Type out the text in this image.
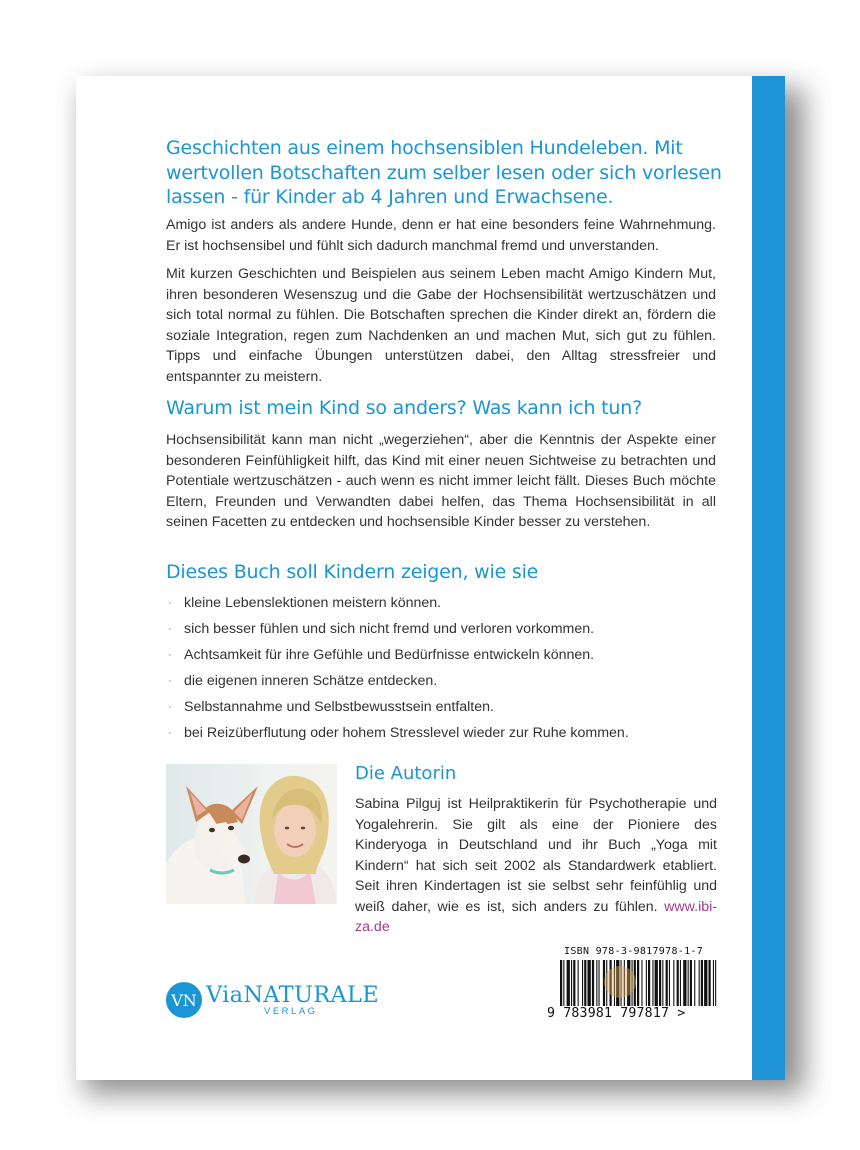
Geschichten aus einem hochsensiblen Hundeleben. Mit wertvollen Botschaften zum selber lesen oder sich vorlesen lassen - für Kinder ab 4 Jahren und Erwachsene.

Amigo ist anders als andere Hunde, denn er hat eine besonders feine Wahrnehmung. Er ist hochsensibel und fühlt sich dadurch manchmal fremd und unverstanden.

Mit kurzen Geschichten und Beispielen aus seinem Leben macht Amigo Kindern Mut, ihren besonderen Wesenszug und die Gabe der Hochsensibilität wertzuschätzen und sich total normal zu fühlen. Die Botschaften sprechen die Kinder direkt an, fördern die soziale Integration, regen zum Nachdenken an und machen Mut, sich gut zu fühlen. Tipps und einfache Übungen unterstützen dabei, den Alltag stressfreier und entspannter zu meistern.

Warum ist mein Kind so anders? Was kann ich tun?

Hochsensibilität kann man nicht „wegerziehen“, aber die Kenntnis der Aspekte einer besonderen Feinfühligkeit hilft, das Kind mit einer neuen Sichtweise zu betrachten und Potentiale wertzuschätzen - auch wenn es nicht immer leicht fällt. Dieses Buch möchte Eltern, Freunden und Verwandten dabei helfen, das Thema Hochsensibilität in all seinen Facetten zu entdecken und hochsensible Kinder besser zu verstehen.

Dieses Buch soll Kindern zeigen, wie sie
· kleine Lebenslektionen meistern können.
· sich besser fühlen und sich nicht fremd und verloren vorkommen.
· Achtsamkeit für ihre Gefühle und Bedürfnisse entwickeln können.
· die eigenen inneren Schätze entdecken.
· Selbstannahme und Selbstbewusstsein entfalten.
· bei Reizüberflutung oder hohem Stresslevel wieder zur Ruhe kommen.
Die Autorin

Sabina Pilguj ist Heilpraktikerin für Psychotherapie und Yogalehrerin. Sie gilt als eine der Pioniere des Kinderyoga in Deutschland und ihr Buch „Yoga mit Kindern“ hat sich seit 2002 als Standardwerk etabliert. Seit ihren Kindertagen ist sie selbst sehr feinfühlig und weiß daher, wie es ist, sich anders zu fühlen. www.ibi-za.de

VN ViaNATURALE
VERLAG
ISBN 978-3-9817978-1-7
9 783981 797817 >
